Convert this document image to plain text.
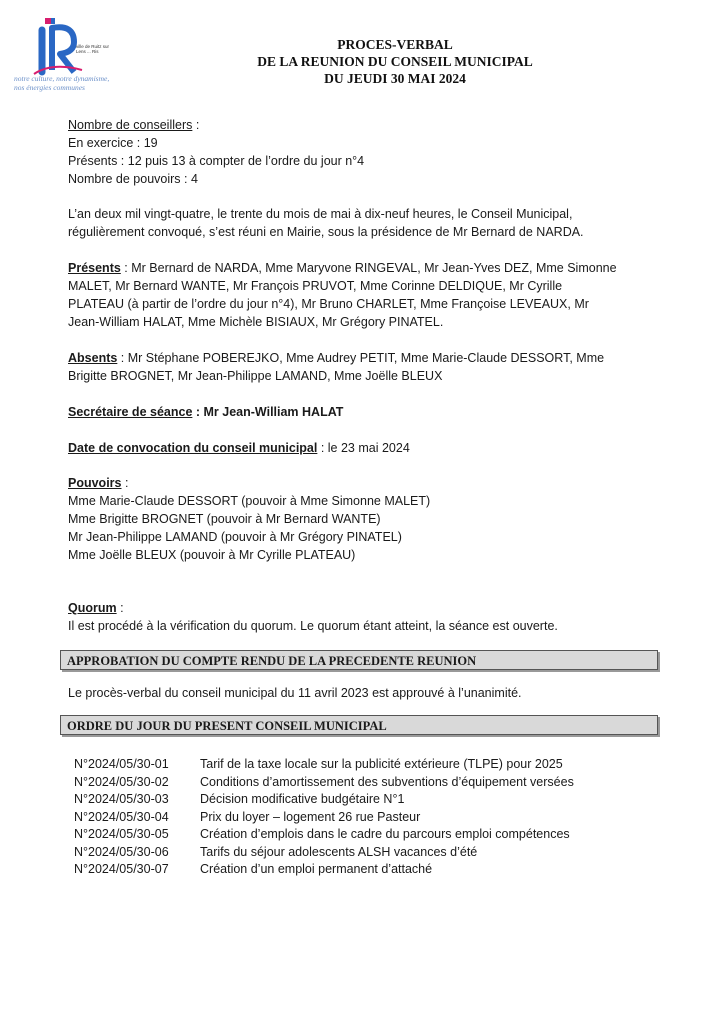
ville de Ruitz sur Lens ... Ris
notre culture, notre dynamisme,
nos énergies communes
PROCES-VERBAL
DE LA REUNION DU CONSEIL MUNICIPAL
DU JEUDI 30 MAI 2024
Nombre de conseillers :
En exercice : 19
Présents : 12 puis 13 à compter de l’ordre du jour n°4
Nombre de pouvoirs : 4
L’an deux mil vingt-quatre, le trente du mois de mai à dix-neuf heures, le Conseil Municipal,
régulièrement convoqué, s’est réuni en Mairie, sous la présidence de Mr Bernard de NARDA.
Présents : Mr Bernard de NARDA, Mme Maryvone RINGEVAL, Mr Jean-Yves DEZ, Mme Simonne
MALET, Mr Bernard WANTE, Mr François PRUVOT, Mme Corinne DELDIQUE, Mr Cyrille
PLATEAU (à partir de l’ordre du jour n°4), Mr Bruno CHARLET, Mme Françoise LEVEAUX, Mr
Jean-William HALAT, Mme Michèle BISIAUX, Mr Grégory PINATEL.
Absents : Mr Stéphane POBEREJKO, Mme Audrey PETIT, Mme Marie-Claude DESSORT, Mme
Brigitte BROGNET, Mr Jean-Philippe LAMAND, Mme Joëlle BLEUX
Secrétaire de séance : Mr Jean-William HALAT
Date de convocation du conseil municipal : le 23 mai 2024
Pouvoirs :
Mme Marie-Claude DESSORT (pouvoir à Mme Simonne MALET)
Mme Brigitte BROGNET (pouvoir à Mr Bernard WANTE)
Mr Jean-Philippe LAMAND (pouvoir à Mr Grégory PINATEL)
Mme Joëlle BLEUX (pouvoir à Mr Cyrille PLATEAU)
Quorum :
Il est procédé à la vérification du quorum. Le quorum étant atteint, la séance est ouverte.
APPROBATION DU COMPTE RENDU DE LA PRECEDENTE REUNION
Le procès-verbal du conseil municipal du 11 avril 2023 est approuvé à l’unanimité.
ORDRE DU JOUR DU PRESENT CONSEIL MUNICIPAL
N°2024/05/30-01	Tarif de la taxe locale sur la publicité extérieure (TLPE) pour 2025
N°2024/05/30-02	Conditions d’amortissement des subventions d’équipement versées
N°2024/05/30-03	Décision modificative budgétaire N°1
N°2024/05/30-04	Prix du loyer – logement 26 rue Pasteur
N°2024/05/30-05	Création d’emplois dans le cadre du parcours emploi compétences
N°2024/05/30-06	Tarifs du séjour adolescents ALSH vacances d’été
N°2024/05/30-07	Création d’un emploi permanent d’attaché
